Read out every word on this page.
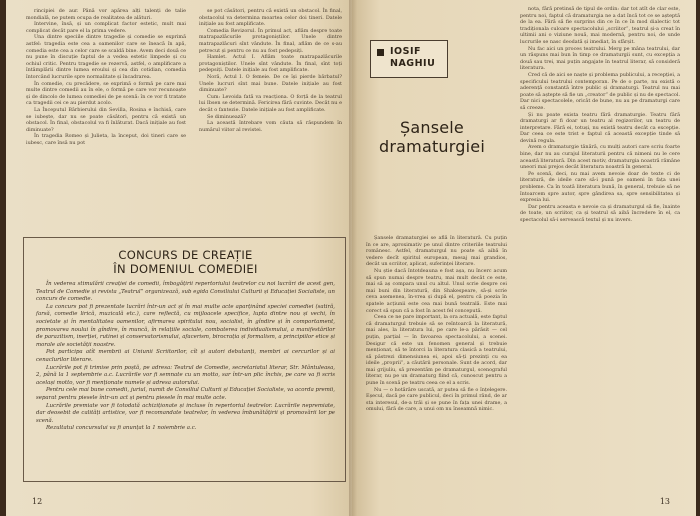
rincipiei de aur. Până vor apărea alți talenți de talie mondială, ne putem ocupa de realitatea de alături.

Intervine, însă, și un complicat factor estetic, mult mai complicat decât pare el la prima vedere.

Una dintre speciile dintre tragedie și comedie se exprimă astfel: tragedia este cea a oamenilor care se îneacă în apă, comedia este cea a celor care se scaldă bine. Avem deci două ce nu pune în discuție faptul de a vedea estetic limpede și cu ochiul critic. Pentru tragedie se rezervă, astfel, o amplificare a întâmplării dintre lumea eroului și cea din cotidian, comedia întorcând lucrurile spre normalitate și încadrarea.

În comedie, cu precădere, se exprimă o formă pe care mai multe dintre comedii au în ele, o formă pe care vor recunoaște și de dincolo de lumea comediei de pe scenă: în ce vor fi tratate ca tragedii cei ce au pierdut acolo.

La Începutul Bărbierului din Sevilla, Rosina e închisă, care se iubește, dar nu se poate căsători, pentru că există un obstacol. În final, obstacolul va fi înlăturat. Dacă inițiale au fost diminuate?

În tragedia Romeo și Julieta, la început, doi tineri care se iubesc, care însă nu pot

se pot căsători, pentru că există un obstacol. În final, obstacolul va determina moartea celor doi tineri. Datele inițiale au fost amplificate.

Comedia Revizorul. În primul act, aflăm despre toate matrapazlâcurile protagoniștilor. Unele dintre matrapazlâcuri sînt vândute. În final, aflăm de ce s-au petrecut și pentru ce nu au fost pedepsiți.

Hamlet. Actul I. Aflăm toate matrapazlâcurile protagoniștilor. Unele sînt vândute. În final, sînt toți pedepsiți. Datele inițiale au fost amplificate.

Noră, Actul I. O femeie. De ce își pierde bărbatul? Unele lucruri sînt mai bune. Datele inițiale au fost diminuate?

Cum: Levoida fată va reacționa. O forță de la teatrul lui Ibsen se determină. Fericirea fără cuvinte. Decât nu e decât o fantezie. Datele inițiale au fost amplificate.

Se diminuează?

La această întrebare vom căuta să răspundem în numărul viitor al revistei.

CONCURS DE CREAȚIE
ÎN DOMENIUL COMEDIEI

În vederea stimulării creației de comedii, îmbogățirii repertoriului teatrelor cu noi lucrări de acest gen, Teatrul de Comedie și revista „Teatrul” organizează, sub egida Consiliului Culturii și Educației Socialiste, un concurs de comedie.

La concurs pot fi prezentate lucrări într-un act și în mai multe acte aparținând speciei comediei (satiră, farsă, comedie lirică, muzicală etc.), care reflectă, cu mijloacele specifice, lupta dintre nou și vechi, în societate și în mentalitatea oamenilor, afirmarea spiritului nou, socialist, în gîndire și în comportament, promovarea noului în gîndire, în muncă, în relațiile sociale, combaterea individualismului, a manifestărilor de parazitism, inerției, rutinei și conservatorismului, afacerism, birocrația și formalism, a principiilor etice și morale ale societății noastre.

Pot participa atît membrii ai Uniunii Scriitorilor, cît și autori debutanți, membri ai cercurilor și ai cenaclurilor literare.

Lucrările pot fi trimise prin poștă, pe adresa: Teatrul de Comedie, secretariatul literar, Str. Mântuleasa, 2, până la 1 septembrie a.c. Lucrările vor fi semnate cu un motto, sar într-un plic închis, pe care va fi scris același motto, vor fi menționate numele și adresa autorului.

Pentru cele mai bune comedii, juriul, numit de Consiliul Culturii și Educației Socialiste, va acorda premii, separat pentru piesele într-un act și pentru piesele în mai multe acte.

Lucrările premiate vor fi totodată achiziționate și incluse în repertoriul teatrelor. Lucrările nepremiate, dar deosebit de calități artistice, vor fi recomandate teatrelor, în vederea îmbunătățirii și promovării lor pe scenă.

Rezultatul concursului va fi anunțat la 1 noiembrie a.c.

12
IOSIF
NAGHIU
Șansele
dramaturgiei

Șansele dramaturgiei se află în literatură. Cu puțin în ce are, aproximativ pe unul dintre criteriile teatrului românesc. Astfel, dramaturgul nu poate să aibă în vedere decît spiritul european, mesaj mai grandios, decât un scriitor, aplicat, suferinței literare.

Nu știe dacă întotdeauna e fost așa, nu încerc acum să spun numai despre teatru, mai mult decât ce este, mai să aș compara unul cu altul. Unul scrie despre cei mai buni din literatură, din Shakespeare, să-și scrie ceva asemenea, în-vrea și după el, pentru că poezia în spatele acțiunii este cea mai bună teatrală. Este mai corect să spun că a fost în acest fel concepută.

Ceea ce ne pare important, la ora actuală, este faptul că dramaturgul trebuie să se reîntoarcă la literatură, mai ales, la literatura lui, pe care le-a părăsit — cel puțin, parțial — în favoarea spectacolului, a scenei. Desigur că este un fenomen general și trebuie menționat, să te întorci la literatura clasică a teatrului, să păstrezi dimensiunea ei, apoi să-ți prezinți cu ea ideile „proprii”, a căutării personale. Sunt de acord, dar mai grijuliu, să prezentăm pe dramaturgul, scenograful literar, nu pe un dramaturg fiind că, cunoscut pentru a pune în scenă pe teatru ceea ce el a scris.

Nu — o hotărâre uscată, ar putea să fie o înțelegere. Eșecul, dacă pe care publicul, deci în primul rând, de ar sta interesul, de-a trăi și se pune în fața unei drame, a omului, fără de care, a unui om nu înseamnă nimic.

nota, fără pretinsă de tipul de ordin: dar tot atît de clar este, pentru noi, faptul că dramaturgia ne a dat încă tot ce se așteptă de la ea. Fără să fie surprins din ce în ce în mod dialectic tot tradiționala culoare spectacolului „scriitor”, teatrul și-a creat în ultimii ani o viziune nouă, mai modernă, pentru noi, de unde lucrurile se nasc deodată și imediat, în sfârșit.

Nu fac aici un proces teatrului. Merg pe mâna teatrului, dar un răspuns mai bun în timp ce dramaturgii sunt, cu excepția a două sau trei, mai puțin angajate în teatrul literar, să consideră literatura.

Cred că de aici se naște și problema publicului, a recepției, a specificului teatrului contemporan. Pe de o parte, nu există o aderență constantă între public și dramaturgi. Teatrul nu mai poate să aștepte să fie un „creator” de public și nu de spectacol. Dar nici spectacolele, oricât de bune, nu au pe dramaturgi care să creeze.

Și nu poate exista teatru fără dramaturgie. Teatru fără dramaturgi ar fi doar un teatru al regizorilor, un teatru de interpretare. Fără ei, totuși, nu există teatru decât ca excepție. Dar ceea ce este trist e faptul că această excepție tinde să devină regula.

Avem o dramaturgie tânără, cu mulți autori care scriu foarte bine, dar nu au curajul literaturii pentru că nimeni nu le cere această literatură. Din acest motiv, dramaturgia noastră rămâne uneori mai prejos decât literatura noastră în general.

Pe scenă, deci, nu mai avem nevoie doar de texte ci de literatură, de ideile care să-i pună pe oameni în fața unei probleme. Ca în toată literatura bună, în general, trebuie să ne întoarcem spre autor, spre gândirea sa, spre sensibilitatea și expresia lui.

Dar pentru aceasta e nevoie ca și dramaturgul să fie, înainte de toate, un scriitor, ca și teatrul să aibă încredere în el, ca spectacolul să-i servească textul și nu invers.

13
